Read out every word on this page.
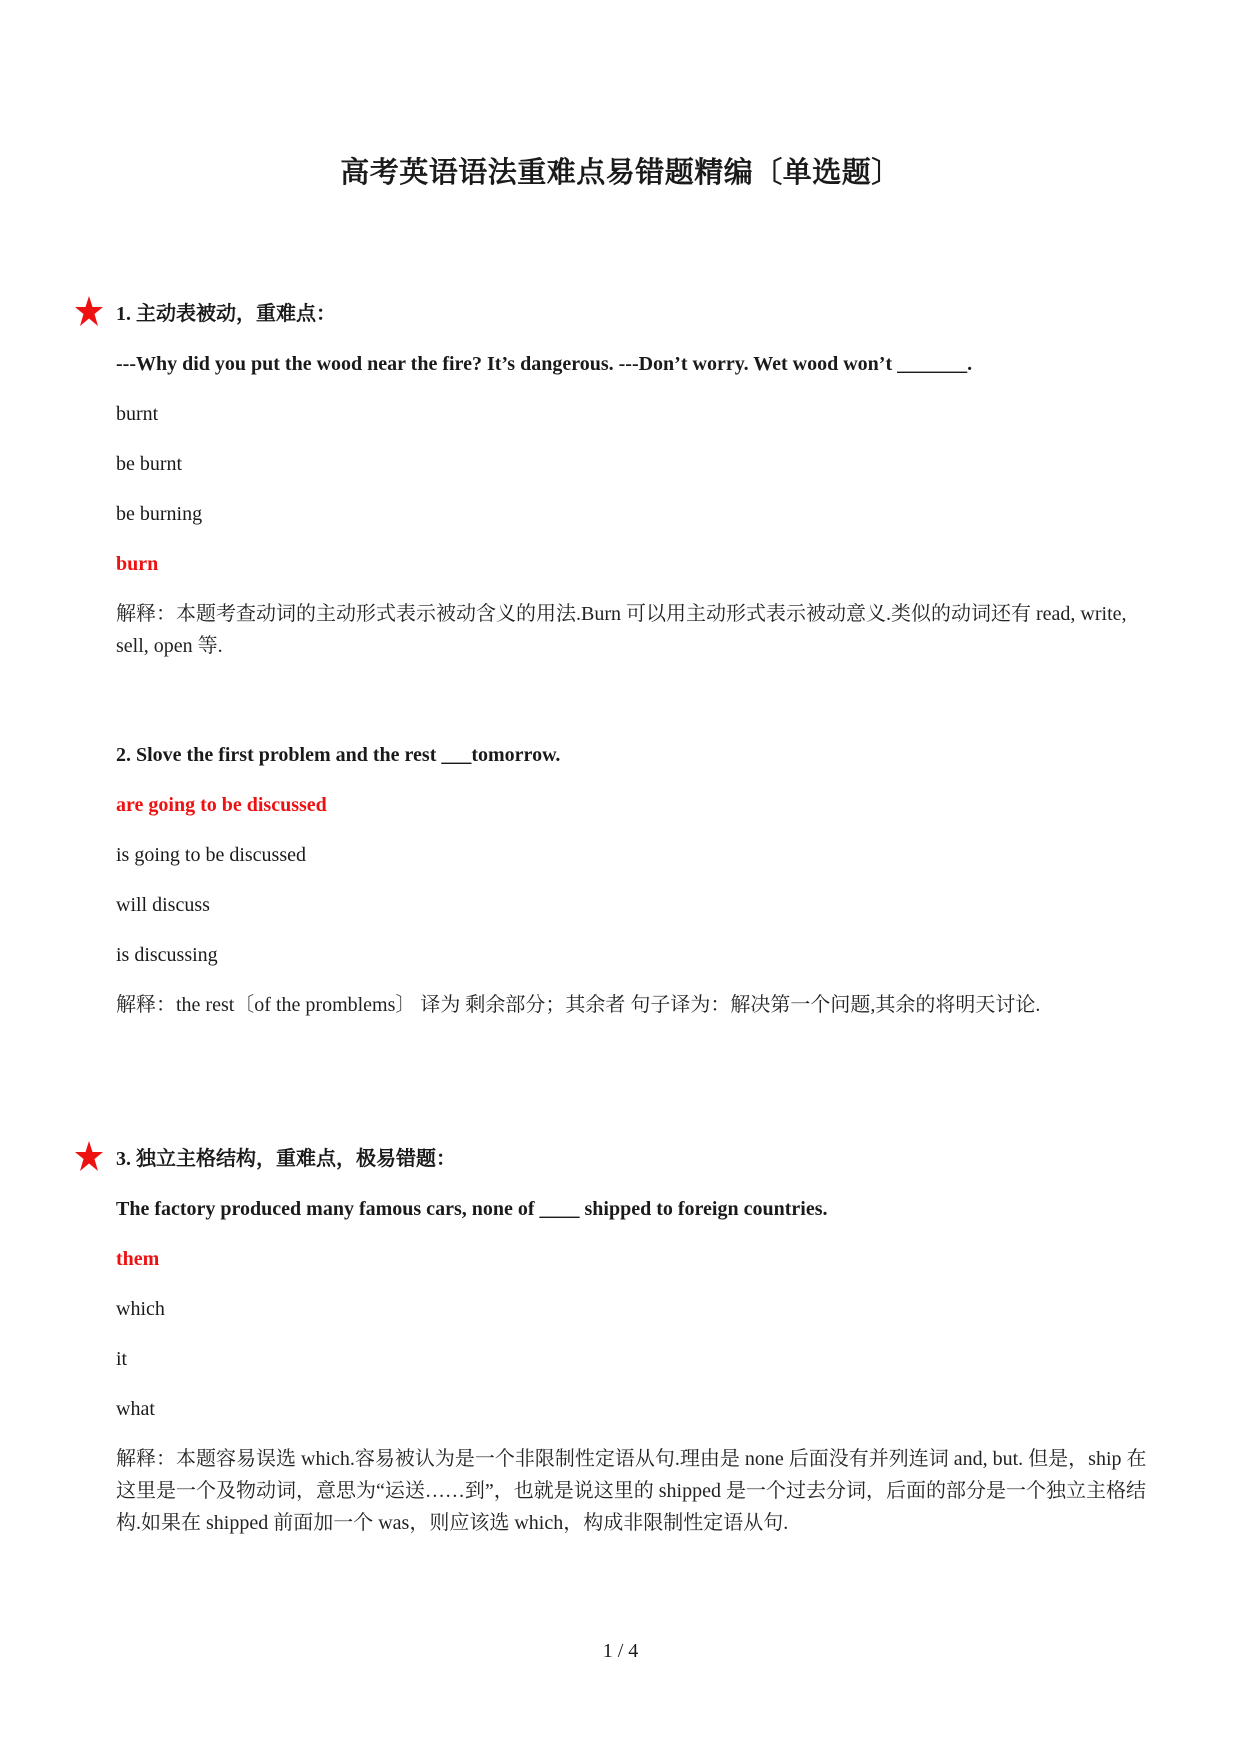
高考英语语法重难点易错题精编〔单选题〕
1. 主动表被动，重难点：
---Why did you put the wood near the fire? It’s dangerous. ---Don’t worry. Wet wood won’t _______.
burnt
be burnt
be burning
burn
解释：本题考查动词的主动形式表示被动含义的用法.Burn 可以用主动形式表示被动意义.类似的动词还有 read, write, sell, open 等.
2. Slove the first problem and the rest ___tomorrow.
are going to be discussed
is going to be discussed
will discuss
is discussing
解释：the rest〔of the promblems〕 译为 剩余部分；其余者 句子译为：解决第一个问题,其余的将明天讨论.
3. 独立主格结构，重难点，极易错题：
The factory produced many famous cars, none of ____ shipped to foreign countries.
them
which
it
what
解释：本题容易误选 which.容易被认为是一个非限制性定语从句.理由是 none 后面没有并列连词 and, but. 但是，ship 在这里是一个及物动词，意思为“运送……到”，也就是说这里的 shipped 是一个过去分词，后面的部分是一个独立主格结构.如果在 shipped 前面加一个 was，则应该选 which，构成非限制性定语从句.
1 / 4
